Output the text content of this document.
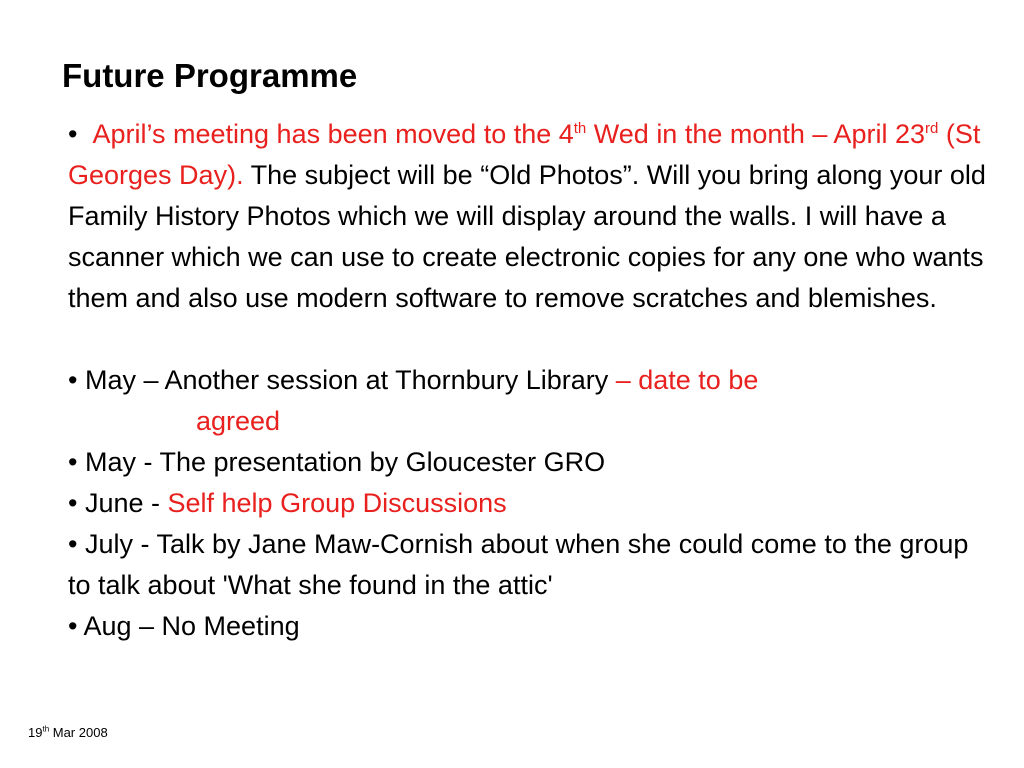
Future Programme

• April’s meeting has been moved to the 4th Wed in the month – April 23rd (St Georges Day). The subject will be “Old Photos”. Will you bring along your old Family History Photos which we will display around the walls. I will have a scanner which we can use to create electronic copies for any one who wants them and also use modern software to remove scratches and blemishes.

• May – Another session at Thornbury Library – date to be

agreed

• May - The presentation by Gloucester GRO

• June - Self help Group Discussions

• July - Talk by Jane Maw-Cornish about when she could come to the group to talk about 'What she found in the attic'

• Aug – No Meeting

19th Mar 2008
